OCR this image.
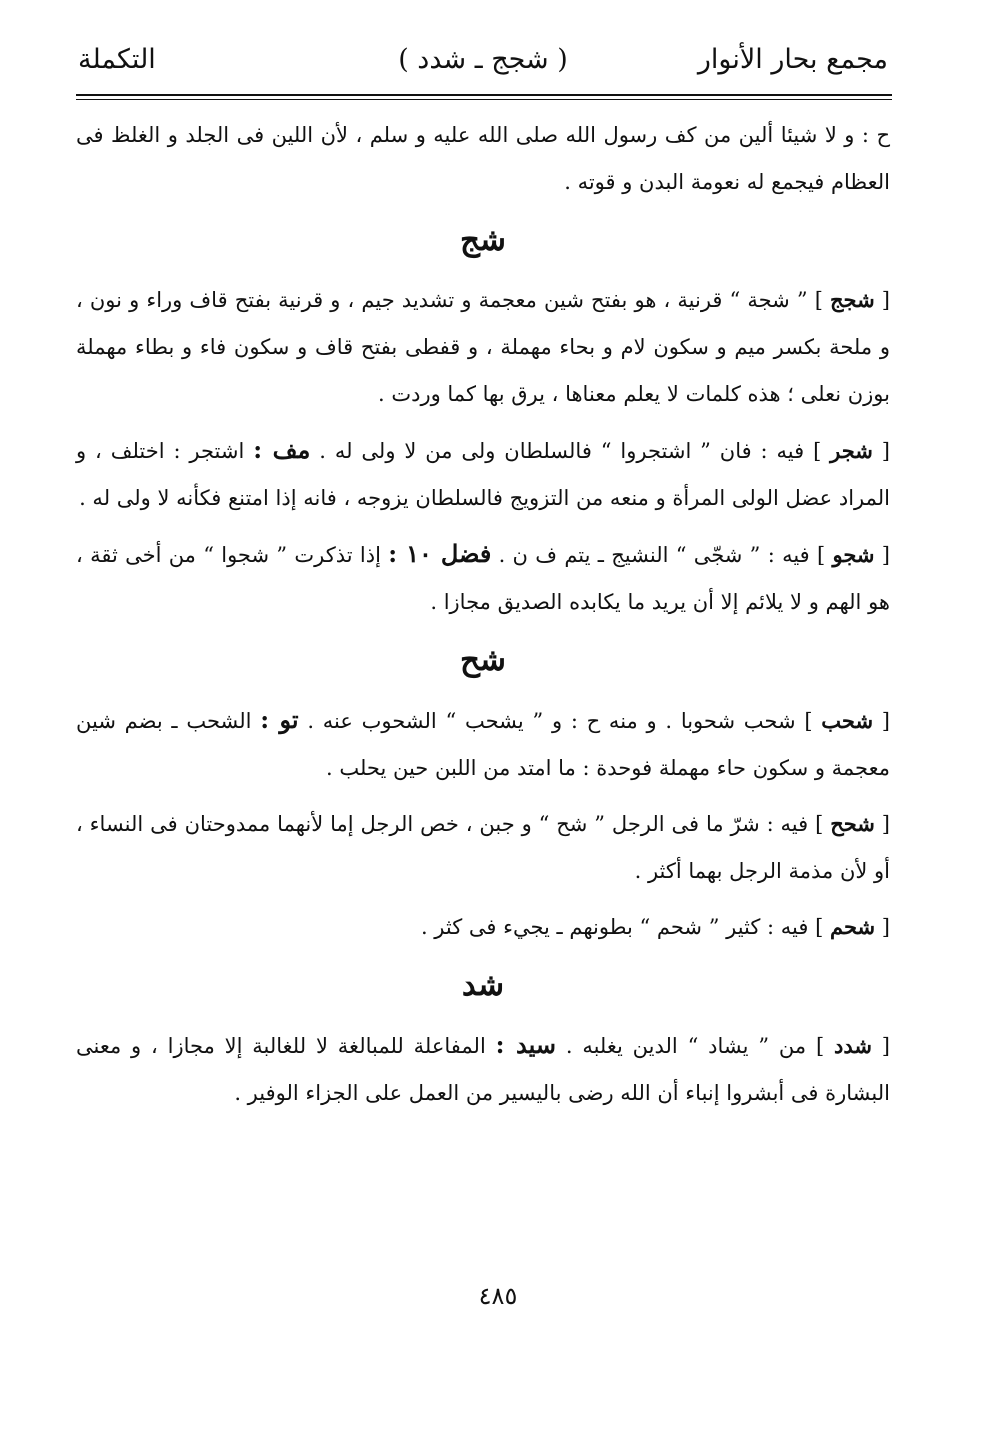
مجمع بحار الأنوار
( شجج ـ شدد )
التكملة

ح : و لا شيئا ألين من كف رسول الله صلى الله عليه و سلم ، لأن اللين فى الجلد و الغلظ فى العظام فيجمع له نعومة البدن و قوته .

شج

[ شجج ] ” شجة “ قرنية ، هو بفتح شين معجمة و تشديد جيم ، و قرنية بفتح قاف وراء و نون ، و ملحة بكسر ميم و سكون لام و بحاء مهملة ، و قفطى بفتح قاف و سكون فاء و بطاء مهملة بوزن نعلى ؛ هذه كلمات لا يعلم معناها ، يرق بها كما وردت .

[ شجر ] فيه : فان ” اشتجروا “ فالسلطان ولى من لا ولى له . مف : اشتجر : اختلف ، و المراد عضل الولى المرأة و منعه من التزويج فالسلطان يزوجه ، فانه إذا امتنع فكأنه لا ولى له .

[ شجو ] فيه : ” شجّى “ النشيج ـ يتم ف ن . فضل ١٠ : إذا تذكرت ” شجوا “ من أخى ثقة ، هو الهم و لا يلائم إلا أن يريد ما يكابده الصديق مجازا .

شح

[ شحب ] شحب شحوبا . و منه ح : و ” يشحب “ الشحوب عنه . تو : الشحب ـ بضم شين معجمة و سكون حاء مهملة فوحدة : ما امتد من اللبن حين يحلب .

[ شحح ] فيه : شرّ ما فى الرجل ” شح “ و جبن ، خص الرجل إما لأنهما ممدوحتان فى النساء ، أو لأن مذمة الرجل بهما أكثر .

[ شحم ] فيه : كثير ” شحم “ بطونهم ـ يجيء فى كثر .

شد

[ شدد ] من ” يشاد “ الدين يغلبه . سيد : المفاعلة للمبالغة لا للغالبة إلا مجازا ، و معنى البشارة فى أبشروا إنباء أن الله رضى باليسير من العمل على الجزاء الوفير .

٤٨٥
